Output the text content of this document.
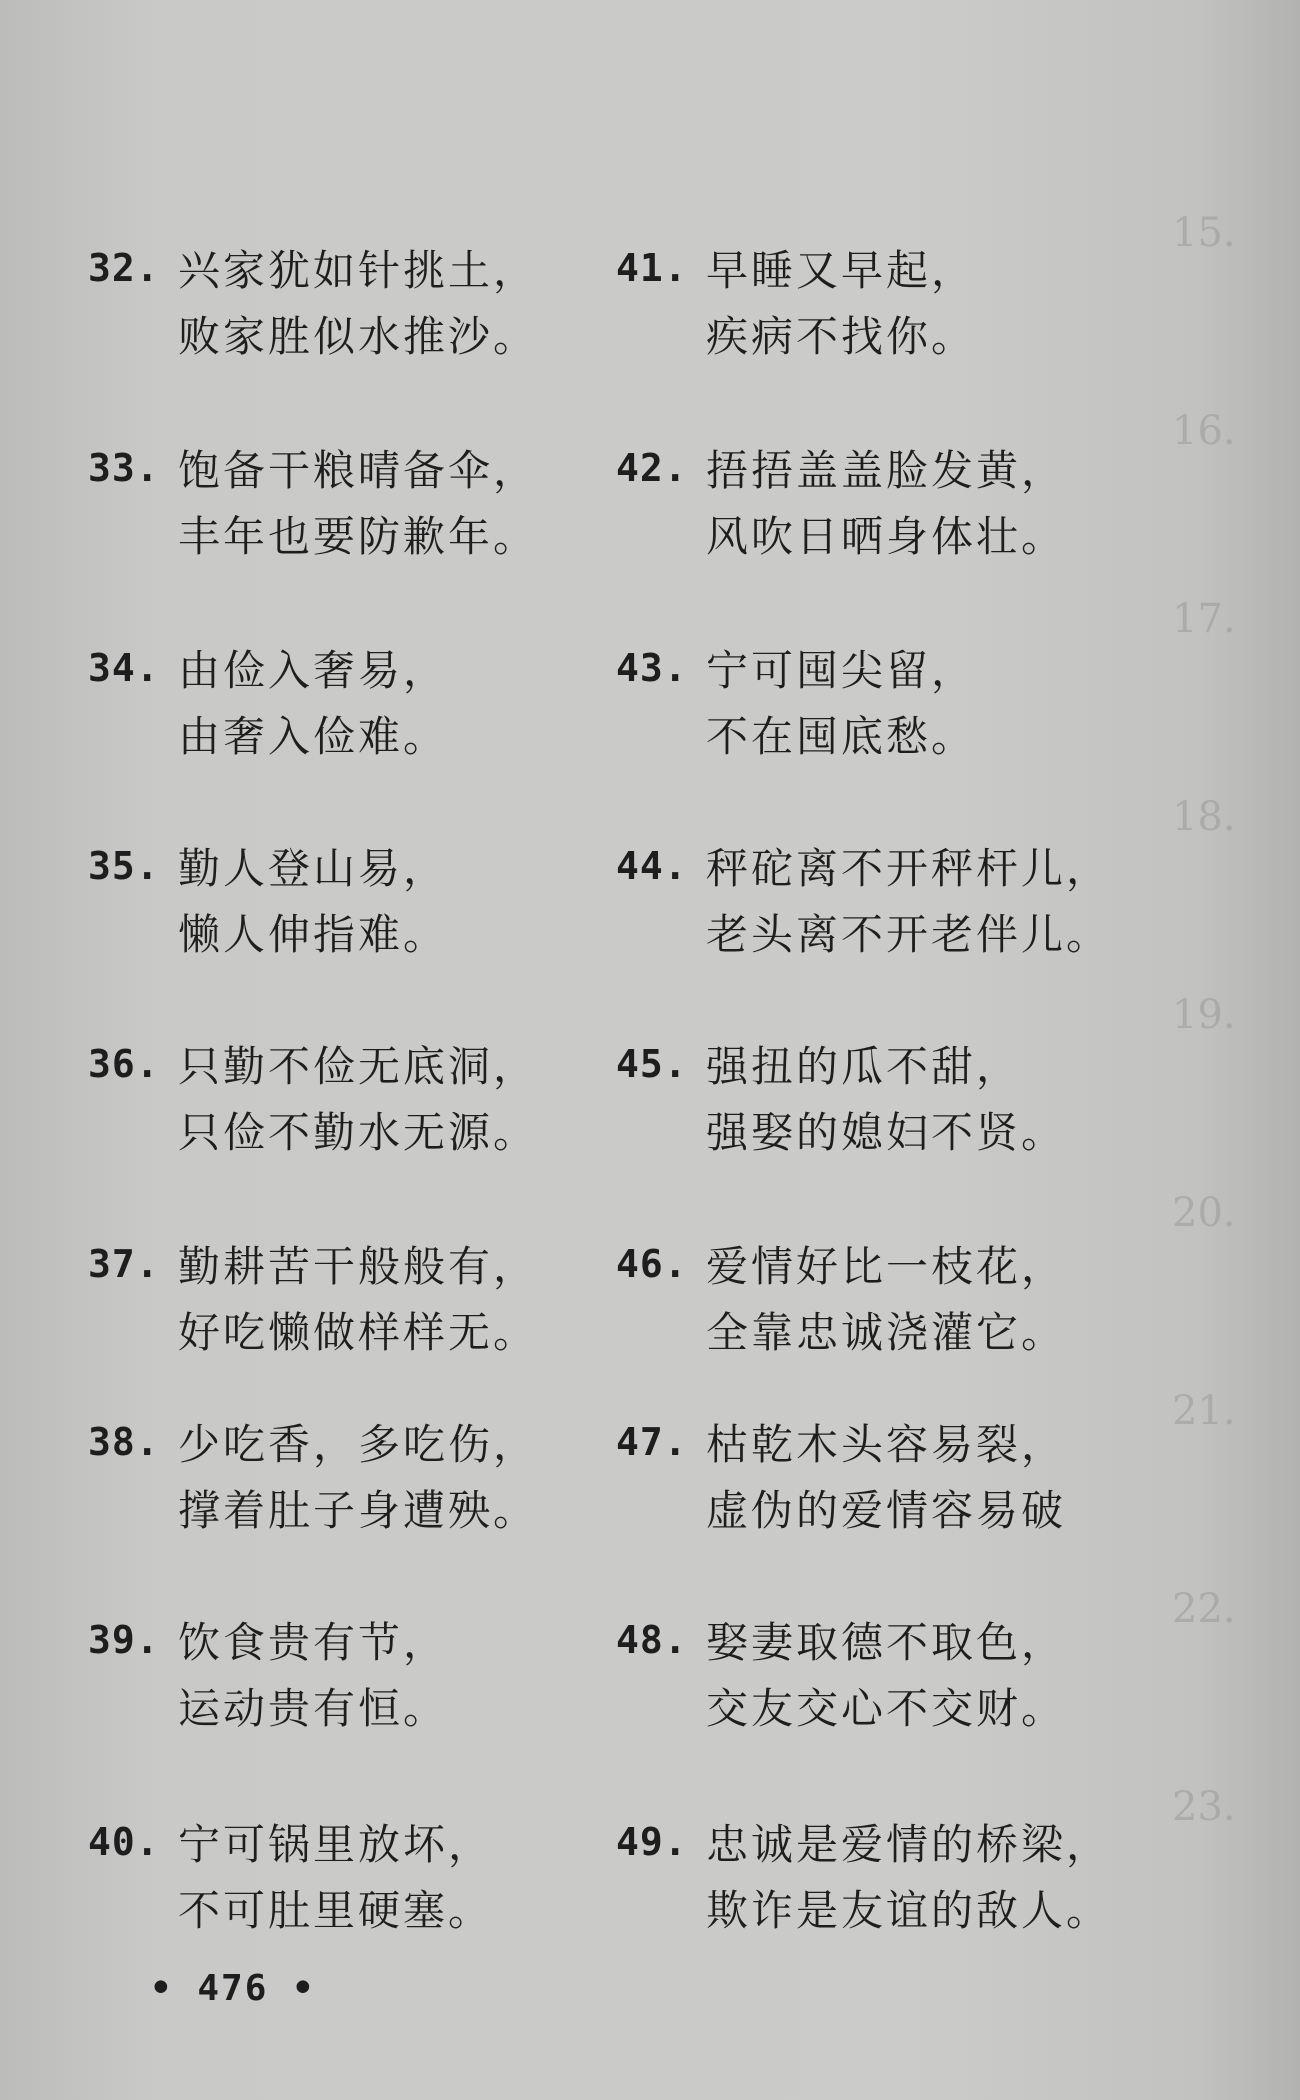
15.
16.
17.
18.
19.
20.
21.
22.
23.
32. 兴家犹如针挑土，
败家胜似水推沙。
33. 饱备干粮晴备伞，
丰年也要防歉年。
34. 由俭入奢易，
由奢入俭难。
35. 勤人登山易，
懒人伸指难。
36. 只勤不俭无底洞，
只俭不勤水无源。
37. 勤耕苦干般般有，
好吃懒做样样无。
38. 少吃香，多吃伤，
撑着肚子身遭殃。
39. 饮食贵有节，
运动贵有恒。
40. 宁可锅里放坏，
不可肚里硬塞。
41. 早睡又早起，
疾病不找你。
42. 捂捂盖盖脸发黄，
风吹日晒身体壮。
43. 宁可囤尖留，
不在囤底愁。
44. 秤砣离不开秤杆儿，
老头离不开老伴儿。
45. 强扭的瓜不甜，
强娶的媳妇不贤。
46. 爱情好比一枝花，
全靠忠诚浇灌它。
47. 枯乾木头容易裂，
虚伪的爱情容易破
48. 娶妻取德不取色，
交友交心不交财。
49. 忠诚是爱情的桥梁，
欺诈是友谊的敌人。
• 476 •
